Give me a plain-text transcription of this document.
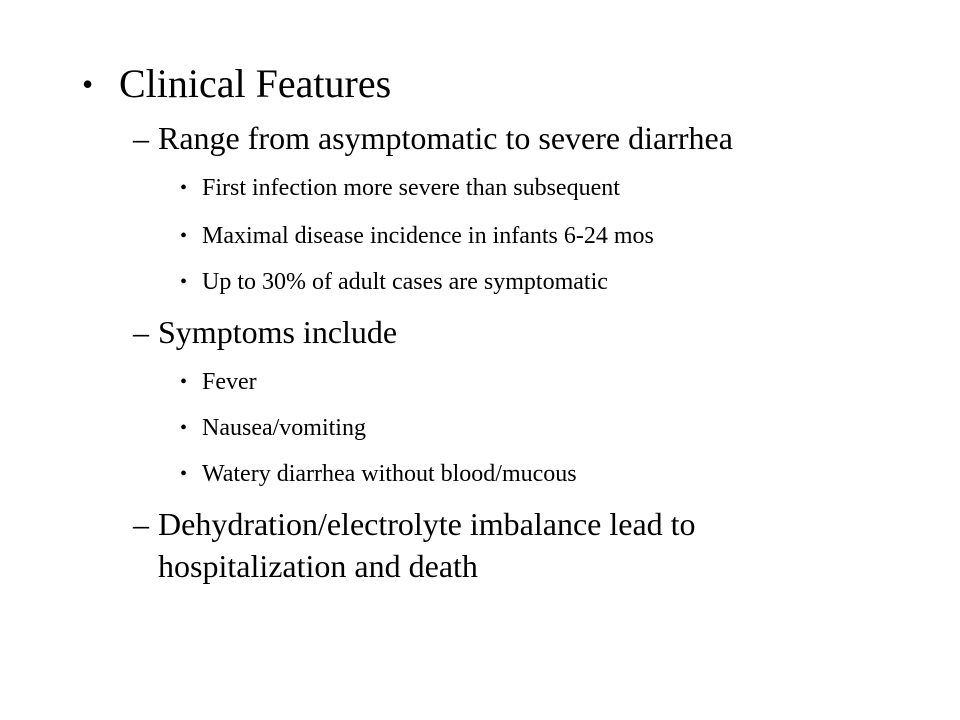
• Clinical Features
– Range from asymptomatic to severe diarrhea
• First infection more severe than subsequent
• Maximal disease incidence in infants 6-24 mos
• Up to 30% of adult cases are symptomatic
– Symptoms include
• Fever
• Nausea/vomiting
• Watery diarrhea without blood/mucous
– Dehydration/electrolyte imbalance lead to
hospitalization and death
